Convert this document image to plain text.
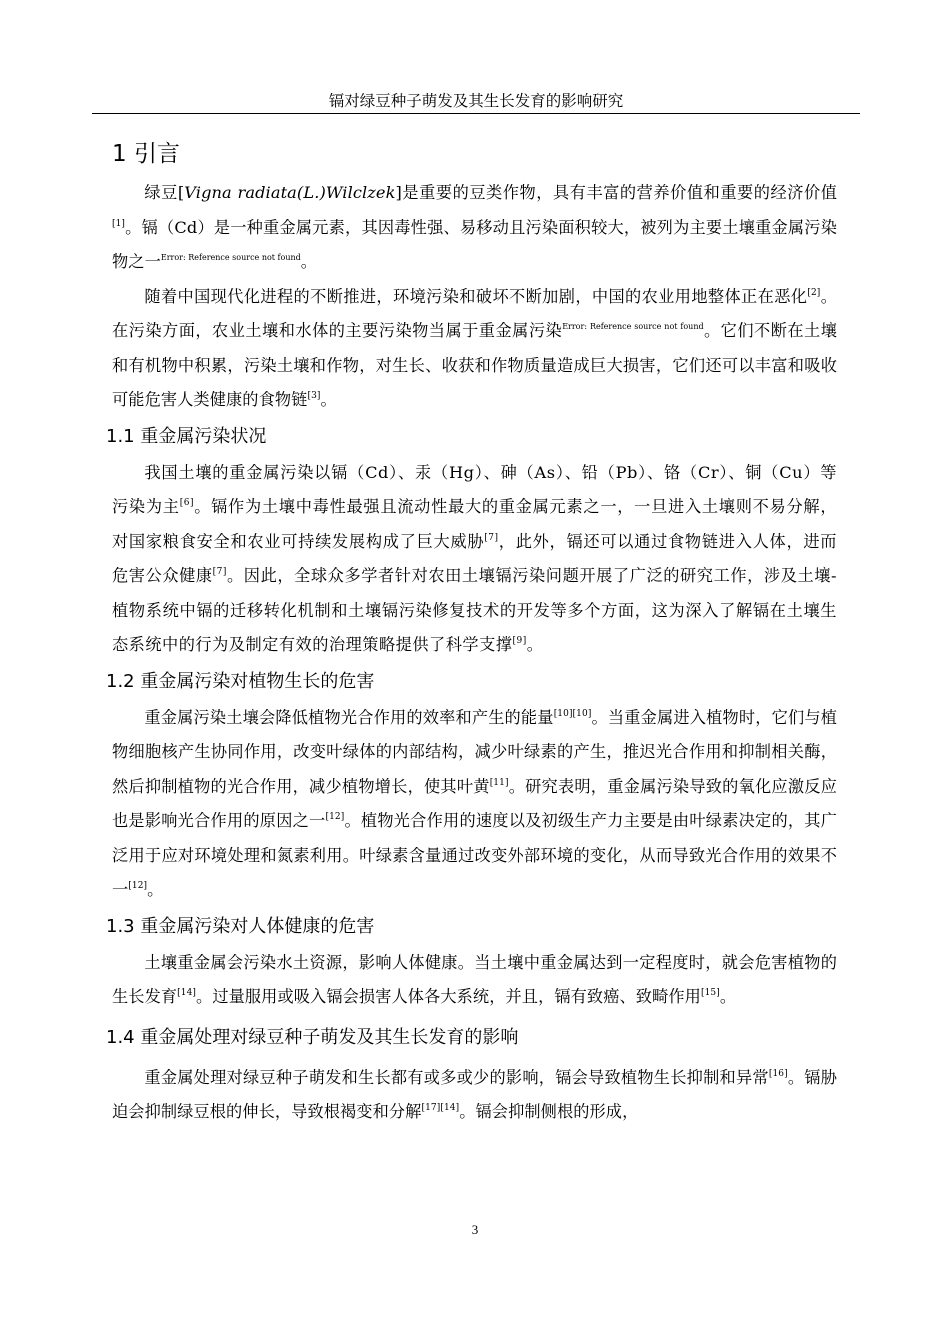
镉对绿豆种子萌发及其生长发育的影响研究
1 引言

绿豆[Vigna radiata(L.)Wilclzek]是重要的豆类作物，具有丰富的营养价值和重要的经济价值[1]。镉（Cd）是一种重金属元素，其因毒性强、易移动且污染面积较大，被列为主要土壤重金属污染物之一$^{Error: Reference source not found}$。

随着中国现代化进程的不断推进，环境污染和破坏不断加剧，中国的农业用地整体正在恶化[2]。在污染方面，农业土壤和水体的主要污染物当属于重金属污染$^{Error: Reference source not found}$。它们不断在土壤和有机物中积累，污染土壤和作物，对生长、收获和作物质量造成巨大损害，它们还可以丰富和吸收可能危害人类健康的食物链[3]。

1.1 重金属污染状况

我国土壤的重金属污染以镉（Cd）、汞（Hg）、砷（As）、铅（Pb）、铬（Cr）、铜（Cu）等污染为主[6]。镉作为土壤中毒性最强且流动性最大的重金属元素之一，一旦进入土壤则不易分解，对国家粮食安全和农业可持续发展构成了巨大威胁[7]，此外，镉还可以通过食物链进入人体，进而危害公众健康[7]。因此，全球众多学者针对农田土壤镉污染问题开展了广泛的研究工作，涉及土壤-植物系统中镉的迁移转化机制和土壤镉污染修复技术的开发等多个方面，这为深入了解镉在土壤生态系统中的行为及制定有效的治理策略提供了科学支撑[9]。

1.2 重金属污染对植物生长的危害

重金属污染土壤会降低植物光合作用的效率和产生的能量[10][10]。当重金属进入植物时，它们与植物细胞核产生协同作用，改变叶绿体的内部结构，减少叶绿素的产生，推迟光合作用和抑制相关酶，然后抑制植物的光合作用，减少植物增长，使其叶黄[11]。研究表明，重金属污染导致的氧化应激反应也是影响光合作用的原因之一[12]。植物光合作用的速度以及初级生产力主要是由叶绿素决定的，其广泛用于应对环境处理和氮素利用。叶绿素含量通过改变外部环境的变化，从而导致光合作用的效果不一[12]。

1.3 重金属污染对人体健康的危害

土壤重金属会污染水土资源，影响人体健康。当土壤中重金属达到一定程度时，就会危害植物的生长发育[14]。过量服用或吸入镉会损害人体各大系统，并且，镉有致癌、致畸作用[15]。

1.4 重金属处理对绿豆种子萌发及其生长发育的影响

重金属处理对绿豆种子萌发和生长都有或多或少的影响，镉会导致植物生长抑制和异常[16]。镉胁迫会抑制绿豆根的伸长，导致根褐变和分解[17][14]。镉会抑制侧根的形成，

3
